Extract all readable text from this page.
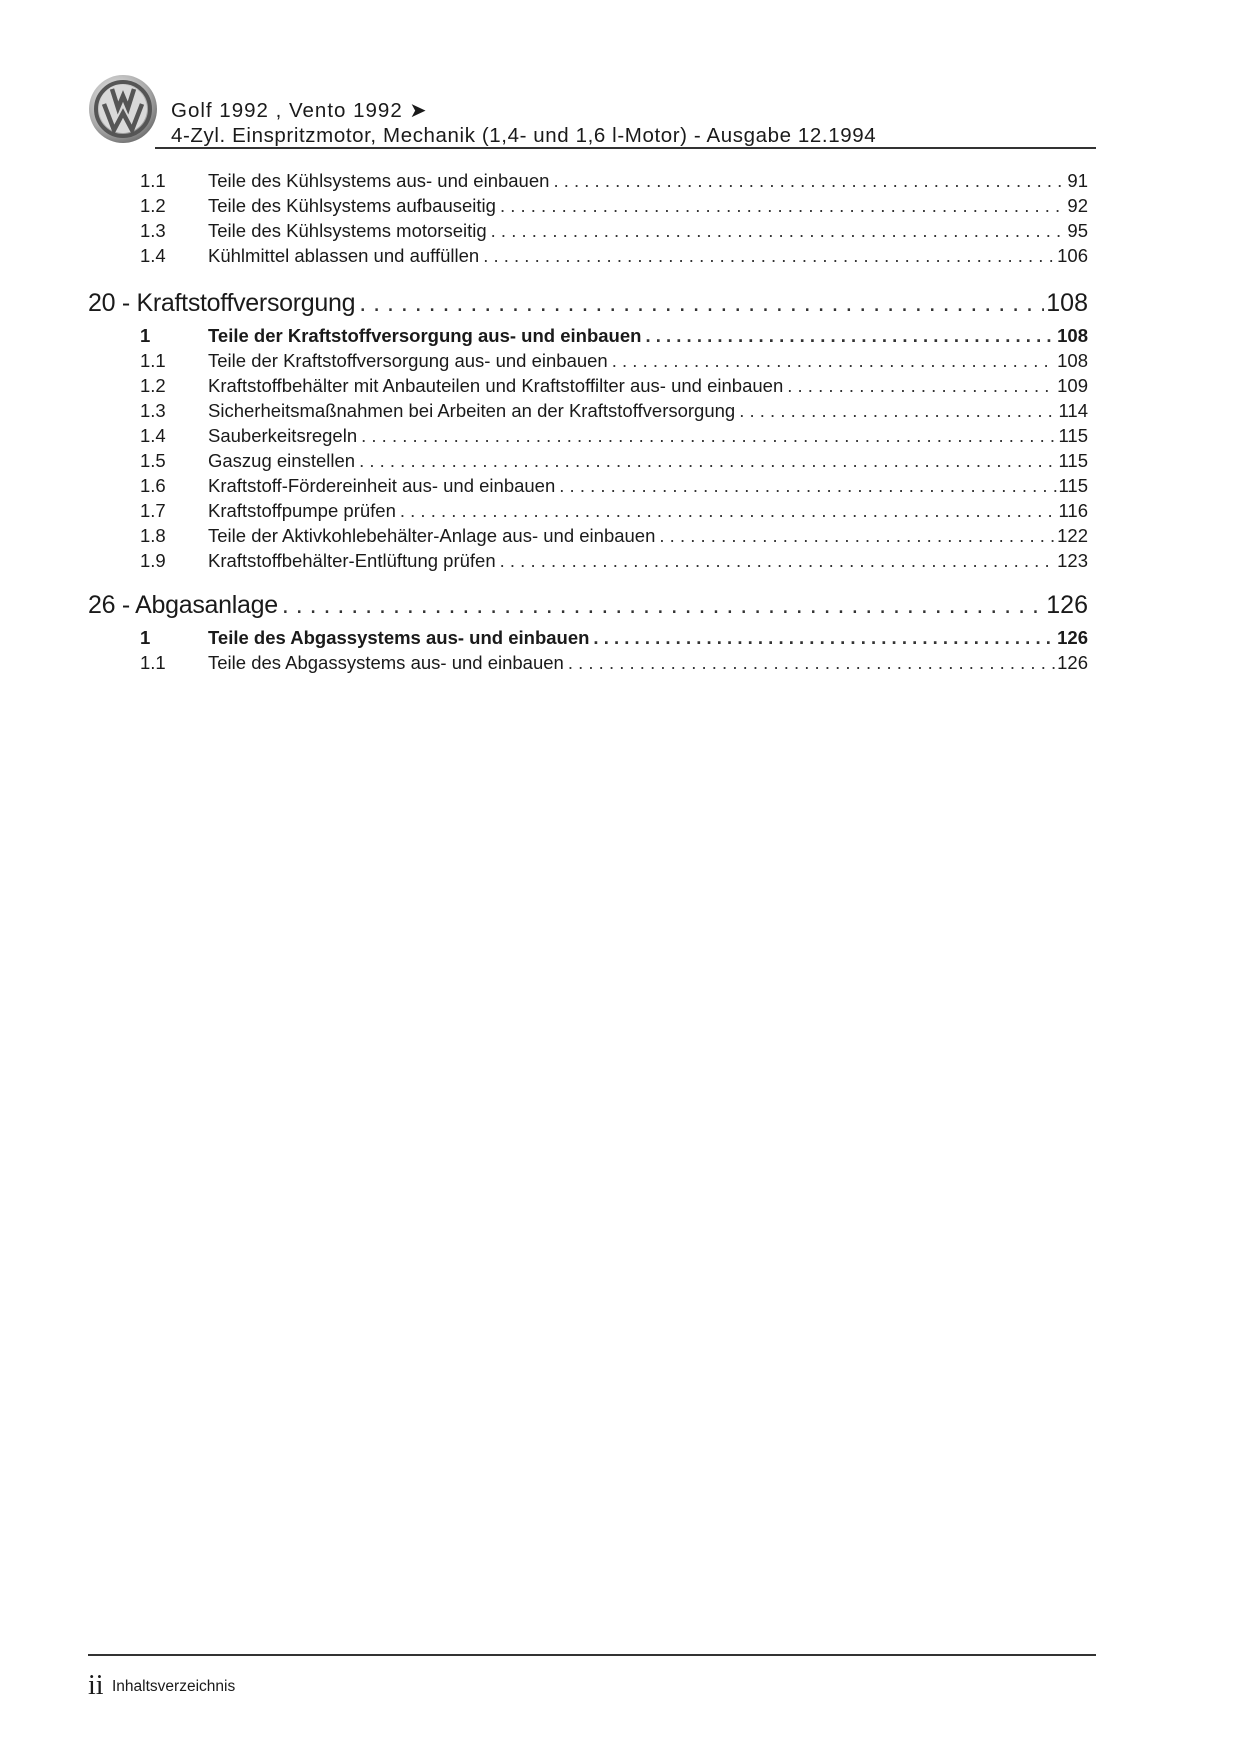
Golf 1992 , Vento 1992 ➤
4-Zyl. Einspritzmotor, Mechanik (1,4- und 1,6 l-Motor) - Ausgabe 12.1994
1.1 Teile des Kühlsystems aus- und einbauen . . .	91
1.2 Teile des Kühlsystems aufbauseitig . . .	92
1.3 Teile des Kühlsystems motorseitig . . .	95
1.4 Kühlmittel ablassen und auffüllen . . .	106
20 - Kraftstoffversorgung . . .	108
1	Teile der Kraftstoffversorgung aus- und einbauen . . .	108
1.1 Teile der Kraftstoffversorgung aus- und einbauen . . .	108
1.2 Kraftstoffbehälter mit Anbauteilen und Kraftstoffilter aus- und einbauen . . .	109
1.3 Sicherheitsmaßnahmen bei Arbeiten an der Kraftstoffversorgung . . .	114
1.4 Sauberkeitsregeln . . .	115
1.5 Gaszug einstellen . . .	115
1.6 Kraftstoff-Fördereinheit aus- und einbauen . . .	115
1.7 Kraftstoffpumpe prüfen . . .	116
1.8 Teile der Aktivkohlebehälter-Anlage aus- und einbauen . . .	122
1.9 Kraftstoffbehälter-Entlüftung prüfen . . .	123
26 - Abgasanlage . . .	126
1	Teile des Abgassystems aus- und einbauen . . .	126
1.1 Teile des Abgassystems aus- und einbauen . . .	126
ii Inhaltsverzeichnis
